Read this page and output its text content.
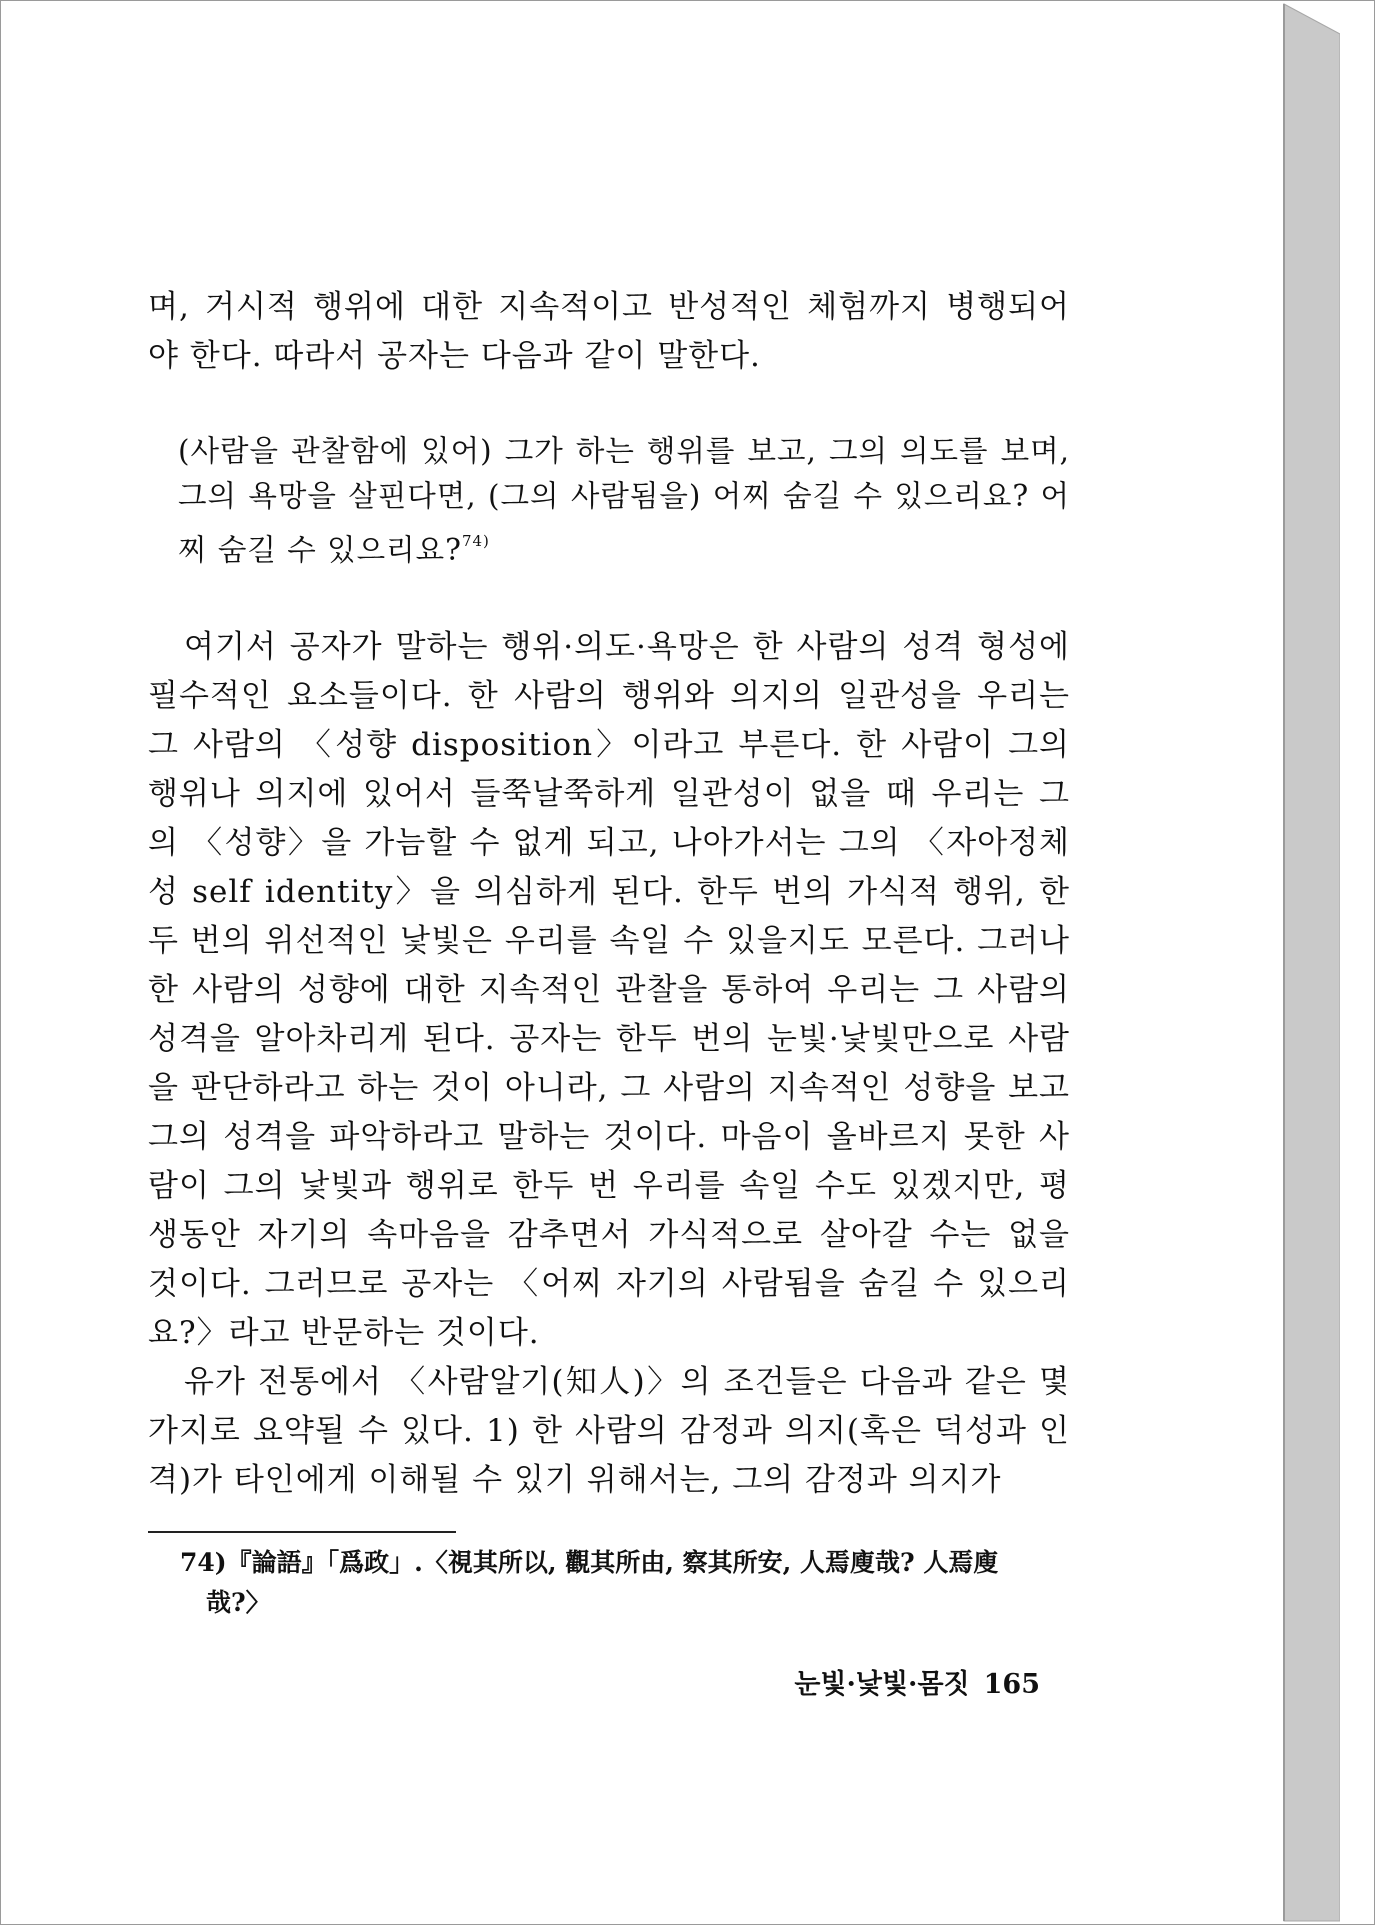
며, 거시적 행위에 대한 지속적이고 반성적인 체험까지 병행되어야 한다. 따라서 공자는 다음과 같이 말한다.

(사람을 관찰함에 있어) 그가 하는 행위를 보고, 그의 의도를 보며, 그의 욕망을 살핀다면, (그의 사람됨을) 어찌 숨길 수 있으리요? 어찌 숨길 수 있으리요?$^{74)}$

여기서 공자가 말하는 행위·의도·욕망은 한 사람의 성격 형성에 필수적인 요소들이다. 한 사람의 행위와 의지의 일관성을 우리는 그 사람의 〈성향 disposition〉이라고 부른다. 한 사람이 그의 행위나 의지에 있어서 들쭉날쭉하게 일관성이 없을 때 우리는 그의 〈성향〉을 가늠할 수 없게 되고, 나아가서는 그의 〈자아정체성 self identity〉을 의심하게 된다. 한두 번의 가식적 행위, 한두 번의 위선적인 낯빛은 우리를 속일 수 있을지도 모른다. 그러나 한 사람의 성향에 대한 지속적인 관찰을 통하여 우리는 그 사람의 성격을 알아차리게 된다. 공자는 한두 번의 눈빛·낯빛만으로 사람을 판단하라고 하는 것이 아니라, 그 사람의 지속적인 성향을 보고 그의 성격을 파악하라고 말하는 것이다. 마음이 올바르지 못한 사람이 그의 낯빛과 행위로 한두 번 우리를 속일 수도 있겠지만, 평생동안 자기의 속마음을 감추면서 가식적으로 살아갈 수는 없을 것이다. 그러므로 공자는 〈어찌 자기의 사람됨을 숨길 수 있으리요?〉라고 반문하는 것이다.

유가 전통에서 〈사람알기(知人)〉의 조건들은 다음과 같은 몇 가지로 요약될 수 있다. 1) 한 사람의 감정과 의지(혹은 덕성과 인격)가 타인에게 이해될 수 있기 위해서는, 그의 감정과 의지가

74)『論語』「爲政」.〈視其所以, 觀其所由, 察其所安, 人焉廋哉? 人焉廋
哉?〉
눈빛·낯빛·몸짓 165
